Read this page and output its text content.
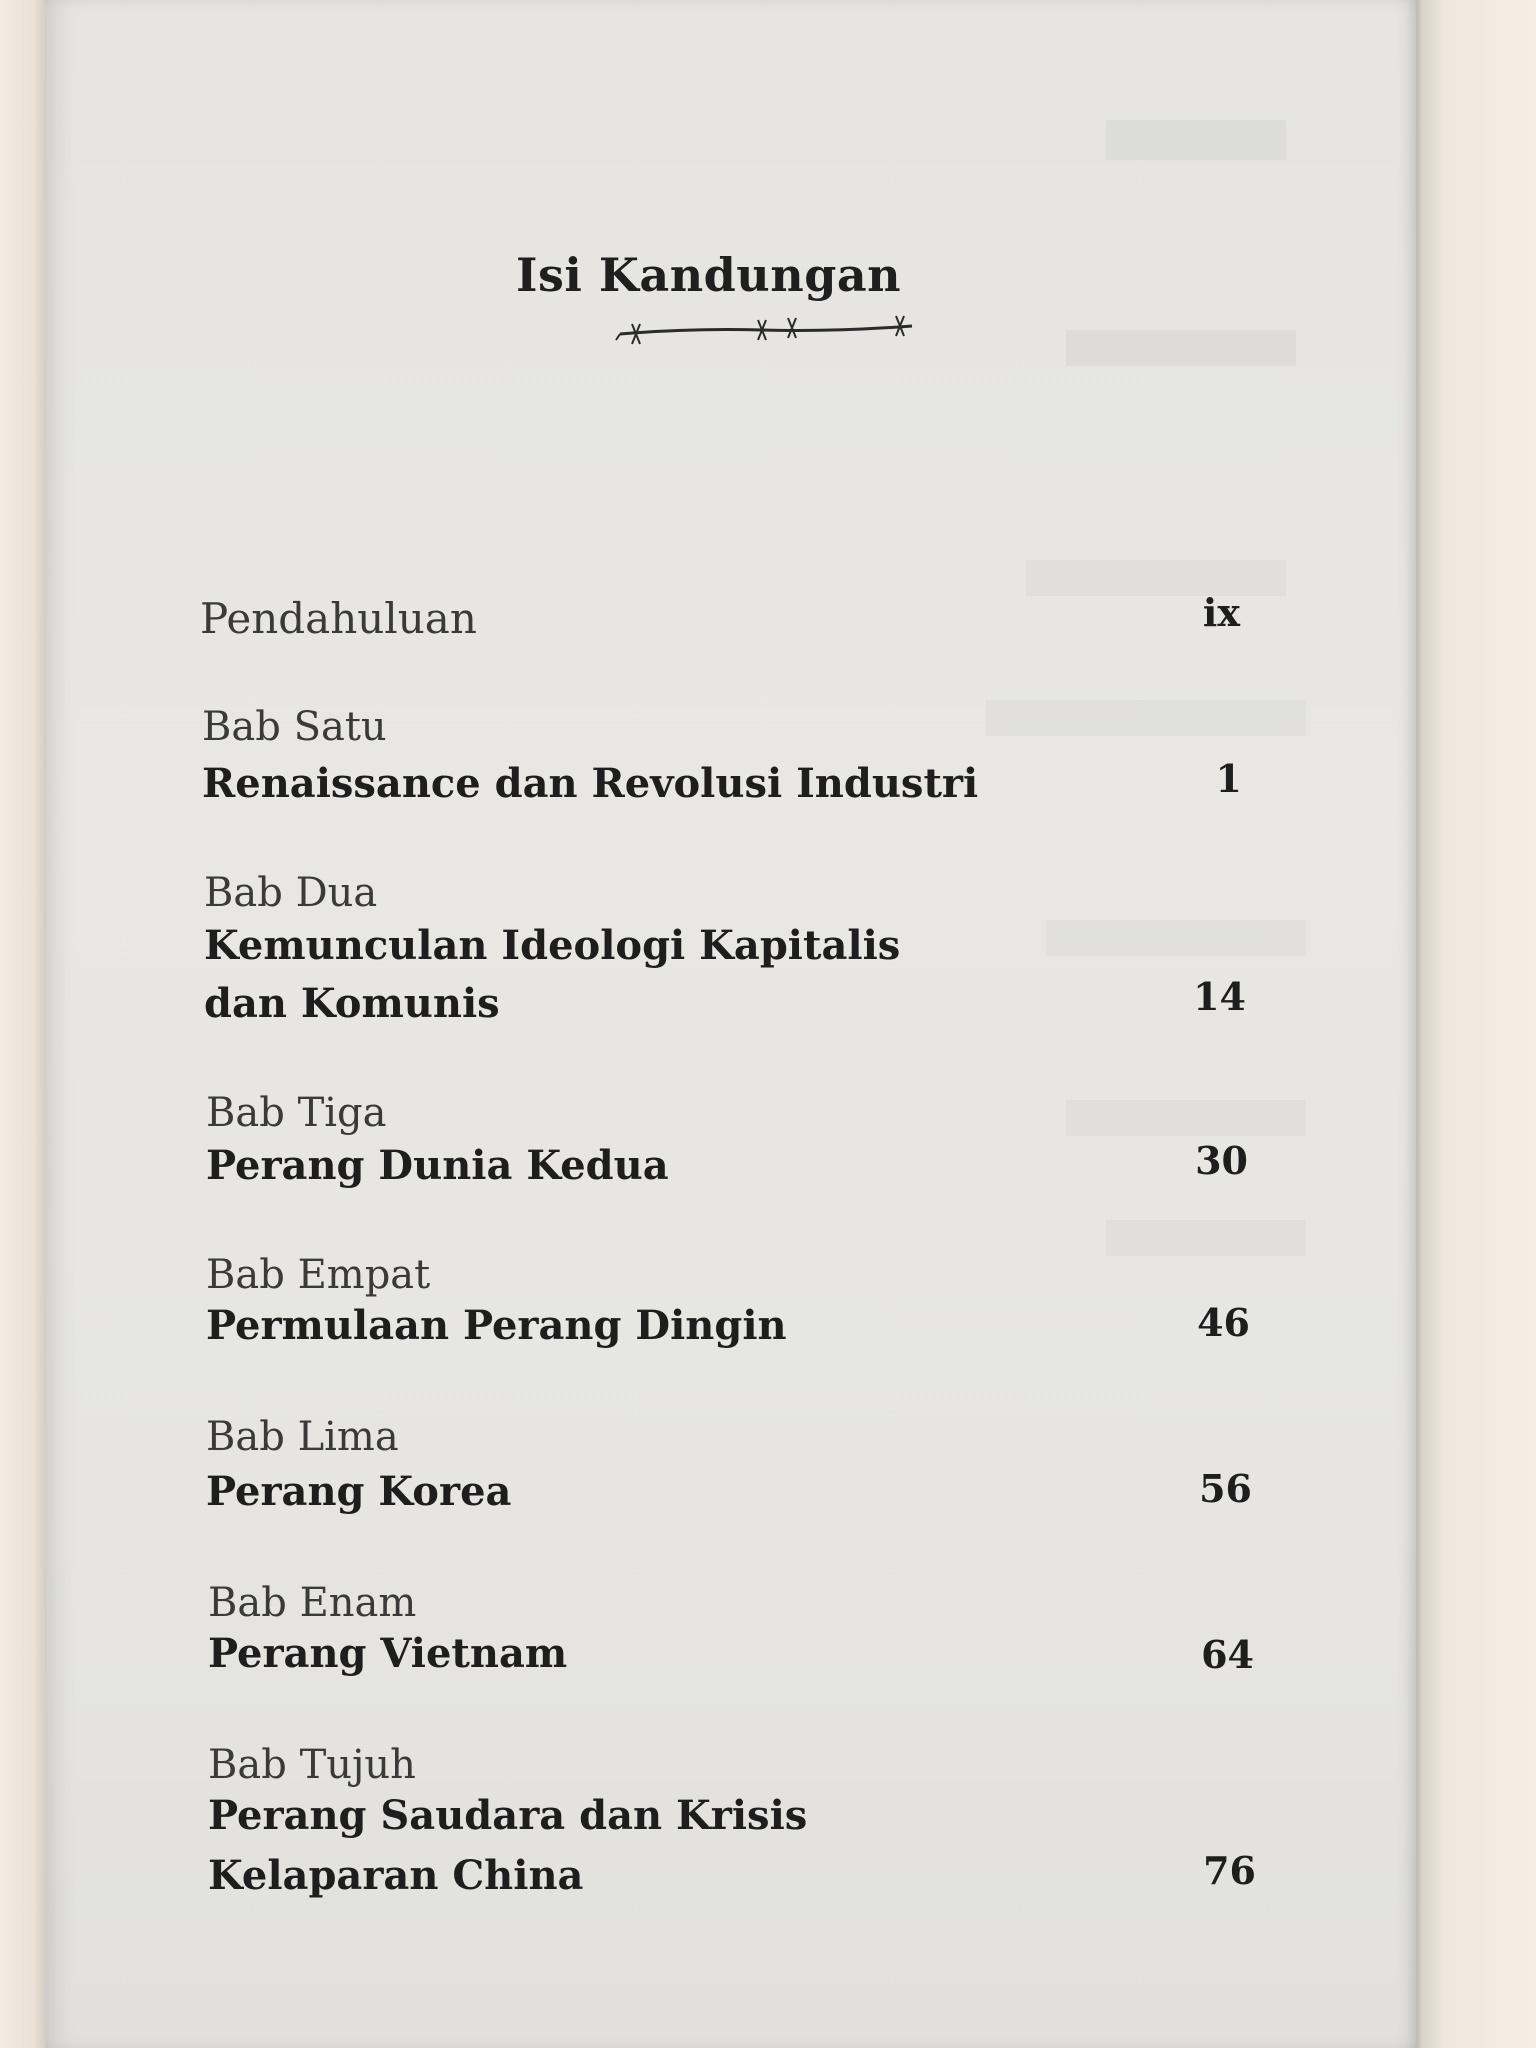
Isi Kandungan
Pendahuluan	ix
Bab Satu
Renaissance dan Revolusi Industri	1
Bab Dua
Kemunculan Ideologi Kapitalis
dan Komunis	14
Bab Tiga
Perang Dunia Kedua	30
Bab Empat
Permulaan Perang Dingin	46
Bab Lima
Perang Korea	56
Bab Enam
Perang Vietnam	64
Bab Tujuh
Perang Saudara dan Krisis
Kelaparan China	76
